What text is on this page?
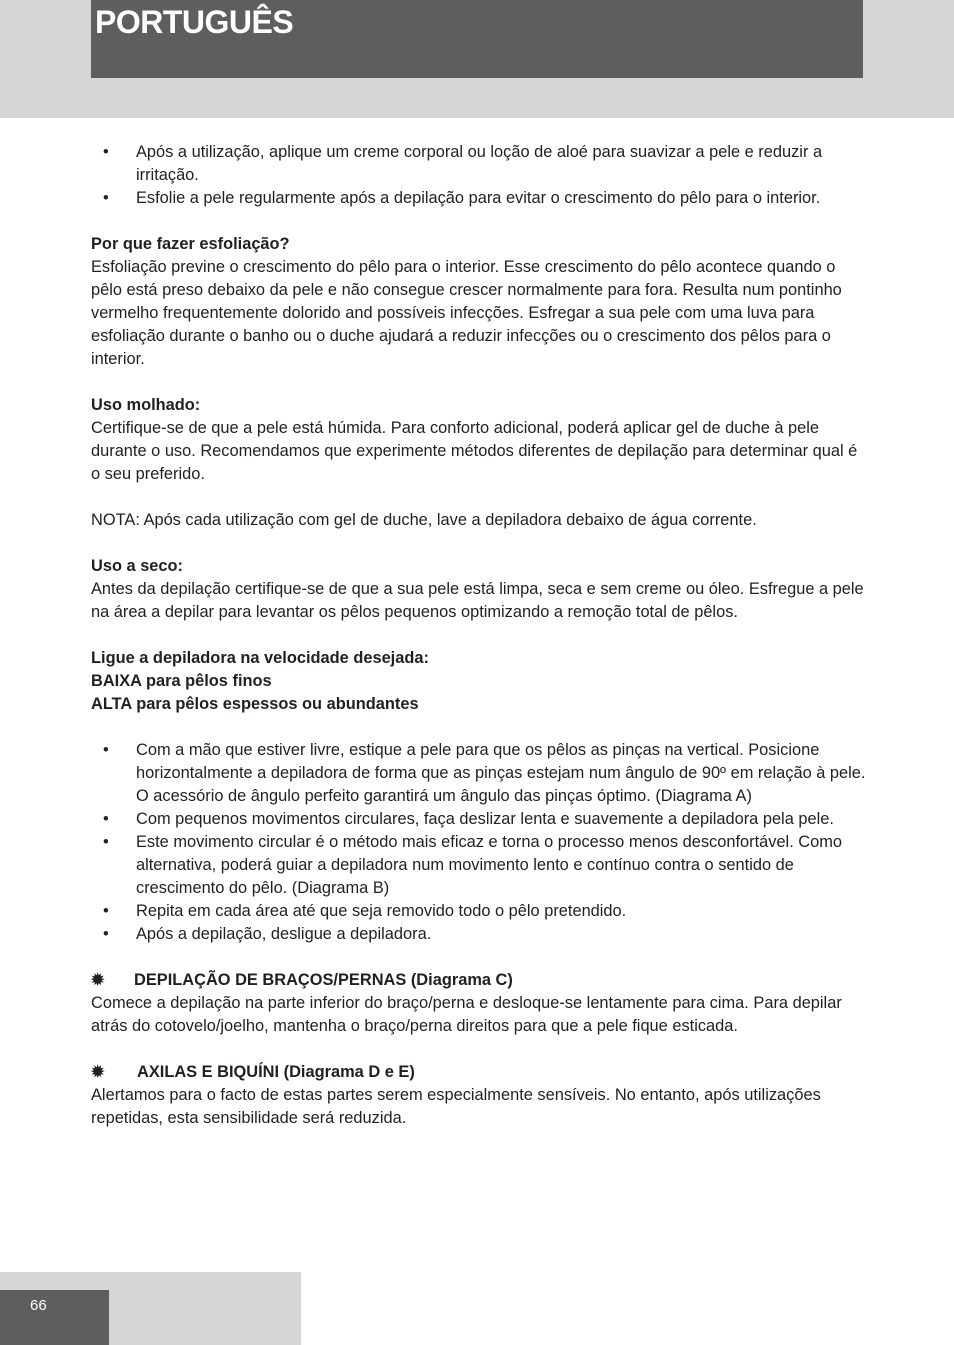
PORTUGUÊS
• Após a utilização, aplique um creme corporal ou loção de aloé para suavizar a pele e reduzir a irritação.
• Esfolie a pele regularmente após a depilação para evitar o crescimento do pêlo para o interior.

Por que fazer esfoliação?

Esfoliação previne o crescimento do pêlo para o interior. Esse crescimento do pêlo acontece quando o pêlo está preso debaixo da pele e não consegue crescer normalmente para fora. Resulta num pontinho vermelho frequentemente dolorido and possíveis infecções. Esfregar a sua pele com uma luva para esfoliação durante o banho ou o duche ajudará a reduzir infecções ou o crescimento dos pêlos para o interior.

Uso molhado:

Certifique-se de que a pele está húmida. Para conforto adicional, poderá aplicar gel de duche à pele durante o uso. Recomendamos que experimente métodos diferentes de depilação para determinar qual é o seu preferido.

NOTA: Após cada utilização com gel de duche, lave a depiladora debaixo de água corrente.

Uso a seco:

Antes da depilação certifique-se de que a sua pele está limpa, seca e sem creme ou óleo. Esfregue a pele na área a depilar para levantar os pêlos pequenos optimizando a remoção total de pêlos.

Ligue a depiladora na velocidade desejada:

BAIXA para pêlos finos

ALTA para pêlos espessos ou abundantes

• Com a mão que estiver livre, estique a pele para que os pêlos as pinças na vertical. Posicione horizontalmente a depiladora de forma que as pinças estejam num ângulo de 90º em relação à pele. O acessório de ângulo perfeito garantirá um ângulo das pinças óptimo. (Diagrama A)
• Com pequenos movimentos circulares, faça deslizar lenta e suavemente a depiladora pela pele.
• Este movimento circular é o método mais eficaz e torna o processo menos desconfortável. Como alternativa, poderá guiar a depiladora num movimento lento e contínuo contra o sentido de crescimento do pêlo. (Diagrama B)
• Repita em cada área até que seja removido todo o pêlo pretendido.
• Após a depilação, desligue a depiladora.

✹ DEPILAÇÃO DE BRAÇOS/PERNAS (Diagrama C)

Comece a depilação na parte inferior do braço/perna e desloque-se lentamente para cima. Para depilar atrás do cotovelo/joelho, mantenha o braço/perna direitos para que a pele fique esticada.

✹ AXILAS E BIQUÍNI (Diagrama D e E)

Alertamos para o facto de estas partes serem especialmente sensíveis. No entanto, após utilizações repetidas, esta sensibilidade será reduzida.

66
